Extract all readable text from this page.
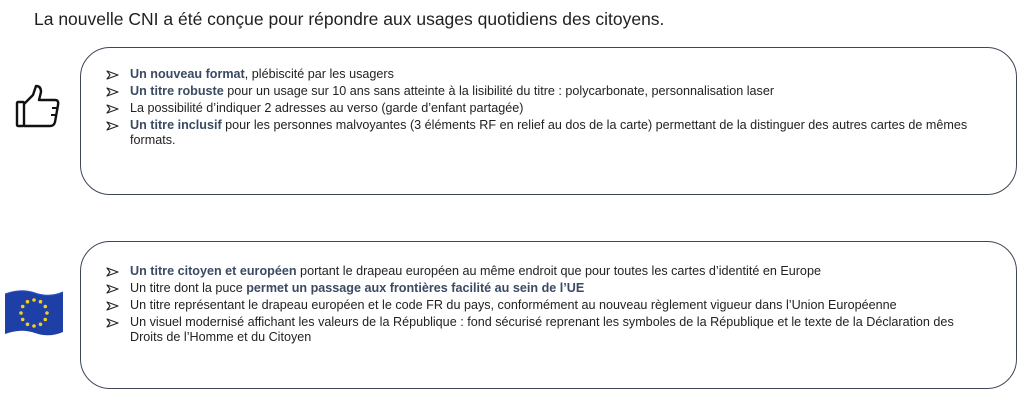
La nouvelle CNI a été conçue pour répondre aux usages quotidiens des citoyens.
Un nouveau format, plébiscité par les usagers
Un titre robuste pour un usage sur 10 ans sans atteinte à la lisibilité du titre : polycarbonate, personnalisation laser
La possibilité d’indiquer 2 adresses au verso (garde d’enfant partagée)
Un titre inclusif pour les personnes malvoyantes (3 éléments RF en relief au dos de la carte) permettant de la distinguer des autres cartes de mêmes formats.
Un titre citoyen et européen portant le drapeau européen au même endroit que pour toutes les cartes d’identité en Europe
Un titre dont la puce permet un passage aux frontières facilité au sein de l’UE
Un titre représentant le drapeau européen et le code FR du pays, conformément au nouveau règlement vigueur dans l’Union Européenne
Un visuel modernisé affichant les valeurs de la République : fond sécurisé reprenant les symboles de la République et le texte de la Déclaration des Droits de l’Homme et du Citoyen
